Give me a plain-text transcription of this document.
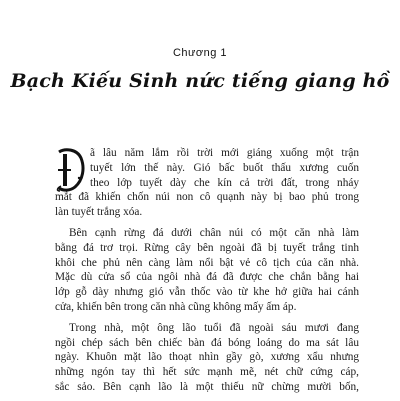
Chương 1
Bạch Kiếu Sinh nức tiếng giang hồ
ã lâu năm lắm rồi trời mới giáng xuống một trận
tuyết lớn thế này. Gió bấc buốt thấu xương cuốn
theo lớp tuyết dày che kín cả trời đất, trong nháy
mắt đã khiến chốn núi non cô quạnh này bị bao phủ trong
làn tuyết trắng xóa.
Bên cạnh rừng đá dưới chân núi có một căn nhà làm
bằng đá trơ trọi. Rừng cây bên ngoài đã bị tuyết trắng tinh
khôi che phủ nên càng làm nổi bật vẻ cô tịch của căn nhà.
Mặc dù cửa sổ của ngôi nhà đá đã được che chắn bằng hai
lớp gỗ dày nhưng gió vẫn thốc vào từ khe hở giữa hai cánh
cửa, khiến bên trong căn nhà cũng không mấy ấm áp.
Trong nhà, một ông lão tuổi đã ngoài sáu mươi đang
ngồi chép sách bên chiếc bàn đá bóng loáng do ma sát lâu
ngày. Khuôn mặt lão thoạt nhìn gầy gò, xương xẩu nhưng
những ngón tay thì hết sức mạnh mẽ, nét chữ cứng cáp,
sắc sảo. Bên cạnh lão là một thiếu nữ chừng mười bốn,
